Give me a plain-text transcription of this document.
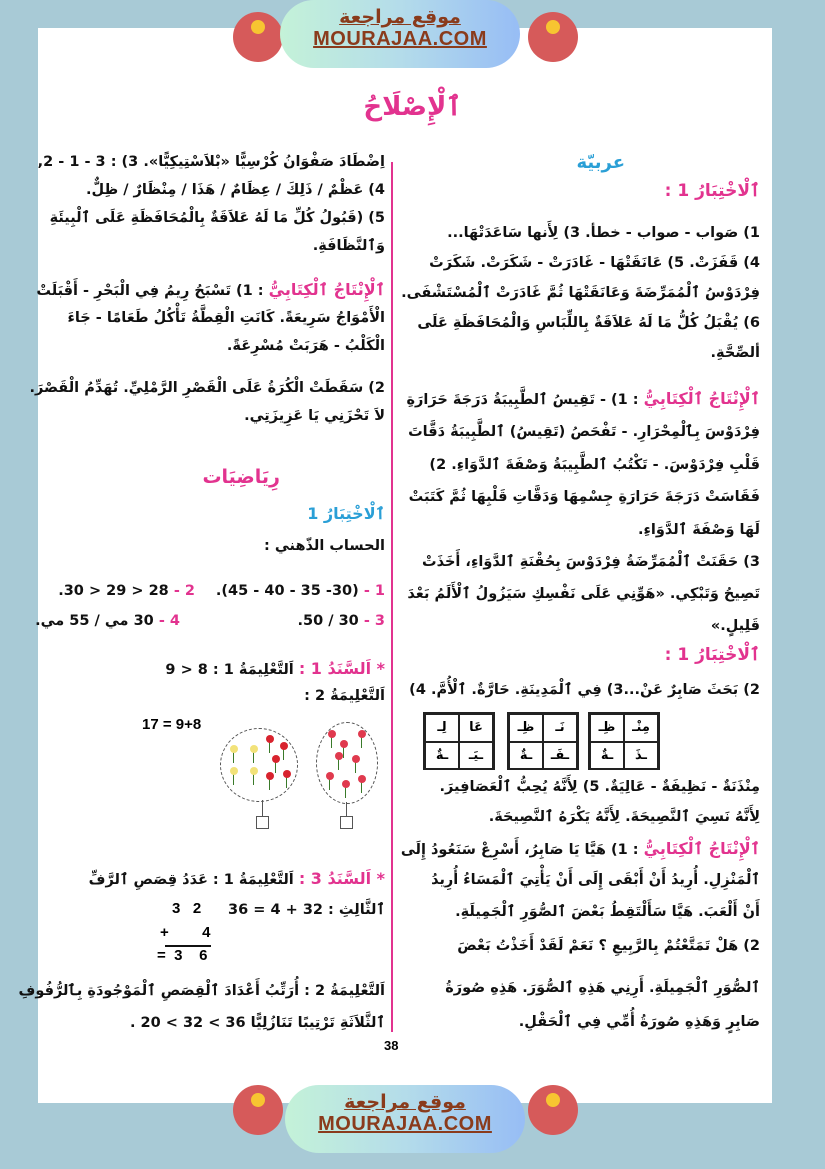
موقع مراجعة
MOURAJAA.COM
ٱلْإِصْلَاحُ
عربيّة
ٱلْاخْتِبَارُ 1 :
1) صَواب - صواب - خطأ. 3) لِأَنها سَاعَدَتْهَا...
4) قَفَزَتْ. 5) عَانَقَتْهَا - غَادَرَتْ - شَكَرَتْ. شَكَرَتْ
فِرْدَوْسُ ٱلْمُمَرِّضَةَ وَعَانَقَتْهَا ثُمَّ غَادَرَتْ ٱلْمُسْتَشْفَى.
6) يُقْبَلُ كُلُّ مَا لَهُ عَلاَقَةٌ بِاللِّبَاسِ وَالْمُحَافَظَةِ عَلَى
ألصِّحَّةِ.
ٱلْإِنْتَاجُ ٱلْكِتَابِيُّ : 1) - تَقِيسُ ٱلطَّبِيبَةُ دَرَجَةَ حَرَارَةِ
فِرْدَوْسَ بِٱلْمِحْرَارِ. - تَفْحَصُ (تَقِيسُ) ٱلطَّبِيبَةُ دَقَّاتَ
قَلْبِ فِرْدَوْسَ. - تَكْتُبُ ٱلطَّبِيبَةُ وَصْفَةَ ٱلدَّوَاءِ. 2)
فَقَاسَتْ دَرَجَةَ حَرَارَةِ جِسْمِهَا وَدَقَّاتِ قَلْبِهَا ثُمَّ كَتَبَتْ
لَهَا وَصْفَةَ ٱلدَّوَاءِ.
3) حَقَنَتْ ٱلْمُمَرِّضَةُ فِرْدَوْسَ بِحُقْنَةِ ٱلدَّوَاءِ، أَخَذَتْ
تَصِيحُ وَتَبْكِي. «هَوِّنِي عَلَى نَفْسِكِ سَيَزُولُ ٱلْأَلَمُ بَعْدَ
قَلِيلٍ.»
ٱلْاخْتِبَارُ 1 :
2) بَحَثَ صَابِرٌ عَنْ...3) فِي ٱلْمَدِينَةِ. حَارَّةٌ. ٱلْأُمَّ. 4)
مِنْـ
ظِـ
ـذَ
ـةٌ
نَـ
ظِـ
ـفَـ
ـةٌ
عَا
لِـ
ـيَـ
ـةٌ
مِنْذَنَةٌ - نَظِيفَةٌ - عَالِيَةٌ. 5) لِأَنَّهُ يُحِبُّ ٱلْعَصَافِيرَ.
لِأَنَّهُ نَسِيَ ٱلنَّصِيحَةَ. لِأَنَّهُ يَكْرَهُ ٱلنَّصِيحَةَ.
ٱلْإِنْتَاجُ ٱلْكِتَابِيُّ : 1) هَيَّا يَا صَابِرُ، أَسْرِعْ سَنَعُودُ إِلَى
ٱلْمَنْزِلِ. أُرِيدُ أَنْ أَبْقَى إِلَى أَنْ يَأْتِيَ ٱلْمَسَاءُ أُرِيدُ
أَنْ أَلْعَبَ. هَيَّا سَأَلْتَقِطُ بَعْضَ ٱلصُّوَرِ ٱلْجَمِيلَةِ.
2) هَلْ تَمَتَّعْتُمْ بِالرَّبِيعِ ؟ نَعَمْ لَقَدْ أَخَذْتُ بَعْضَ
ٱلصُّوَرِ ٱلْجَمِيلَةِ. أَرِنِي هَذِهِ ٱلصُّوَرَ. هَذِهِ صُورَةُ
صَابِرٍ وَهَذِهِ صُورَةُ أُمِّي فِي ٱلْحَقْلِ.
اِضْطَادَ صَفْوَانُ كُرْسِيًّا «بْلاَسْتِيكِيًّا». 3) : 3 - 1 - 2,
4) عَظْمٌ / ذَلِكَ / عِظَامٌ / هَذَا / مِنْظَارٌ / ظِلٌّ.
5) (قَبُولُ كُلِّ مَا لَهُ عَلاَقَةٌ بِالْمُحَافَظَةِ عَلَى ٱلْبِيئَةِ
وَٱلنَّظَافَةِ.
ٱلْإِنْتَاجُ ٱلْكِتَابِيُّ : 1) تَسْبَحُ رِيمُ فِي الْبَحْرِ - أَقْبَلَتْ
الْأَمْوَاجُ سَرِيعَةً. كَانَتِ الْقِطَّةُ تَأْكُلُ طَعَامًا - جَاءَ
الْكَلْبُ - هَرَبَتْ مُسْرِعَةً.
2) سَقَطَتْ الْكُرَةُ عَلَى الْقَصْرِ الرَّمْلِيِّ. تُهَدِّمُ الْقَصْرَ.
لاَ تَحْزَنِي يَا عَزِيزَتِي.
رِيَاضِيَات
ٱلْاخْتِبَارُ 1
الحساب الذّهني :
1 - (30- 35 - 40 - 45).
2 - 28 < 29 < 30.
3 - 30 / 50.
4 - 30 مي / 55 مي.
* اَلسَّنَدُ 1 : اَلتَّعْلِيمَةُ 1 : 8 < 9
اَلتَّعْلِيمَةُ 2 :
17 = 9+8
* اَلسَّنَدُ 3 : اَلتَّعْلِيمَةُ 1 : عَدَدُ قِصَصِ ٱلرَّفِّ
ٱلثَّالِثِ : 32 + 4 = 36
3   2
+        4
=  3    6
اَلتَّعْلِيمَةُ 2 : أُرَتِّبُ أَعْدَادَ ٱلْقِصَصِ ٱلْمَوْجُودَةِ بِٱلرُّفُوفِ
ٱلثَّلاَثَةِ تَرْتِيبًا تَنَازُلِيًّا 36 > 32 > 20 .
38
موقع مراجعة
MOURAJAA.COM
